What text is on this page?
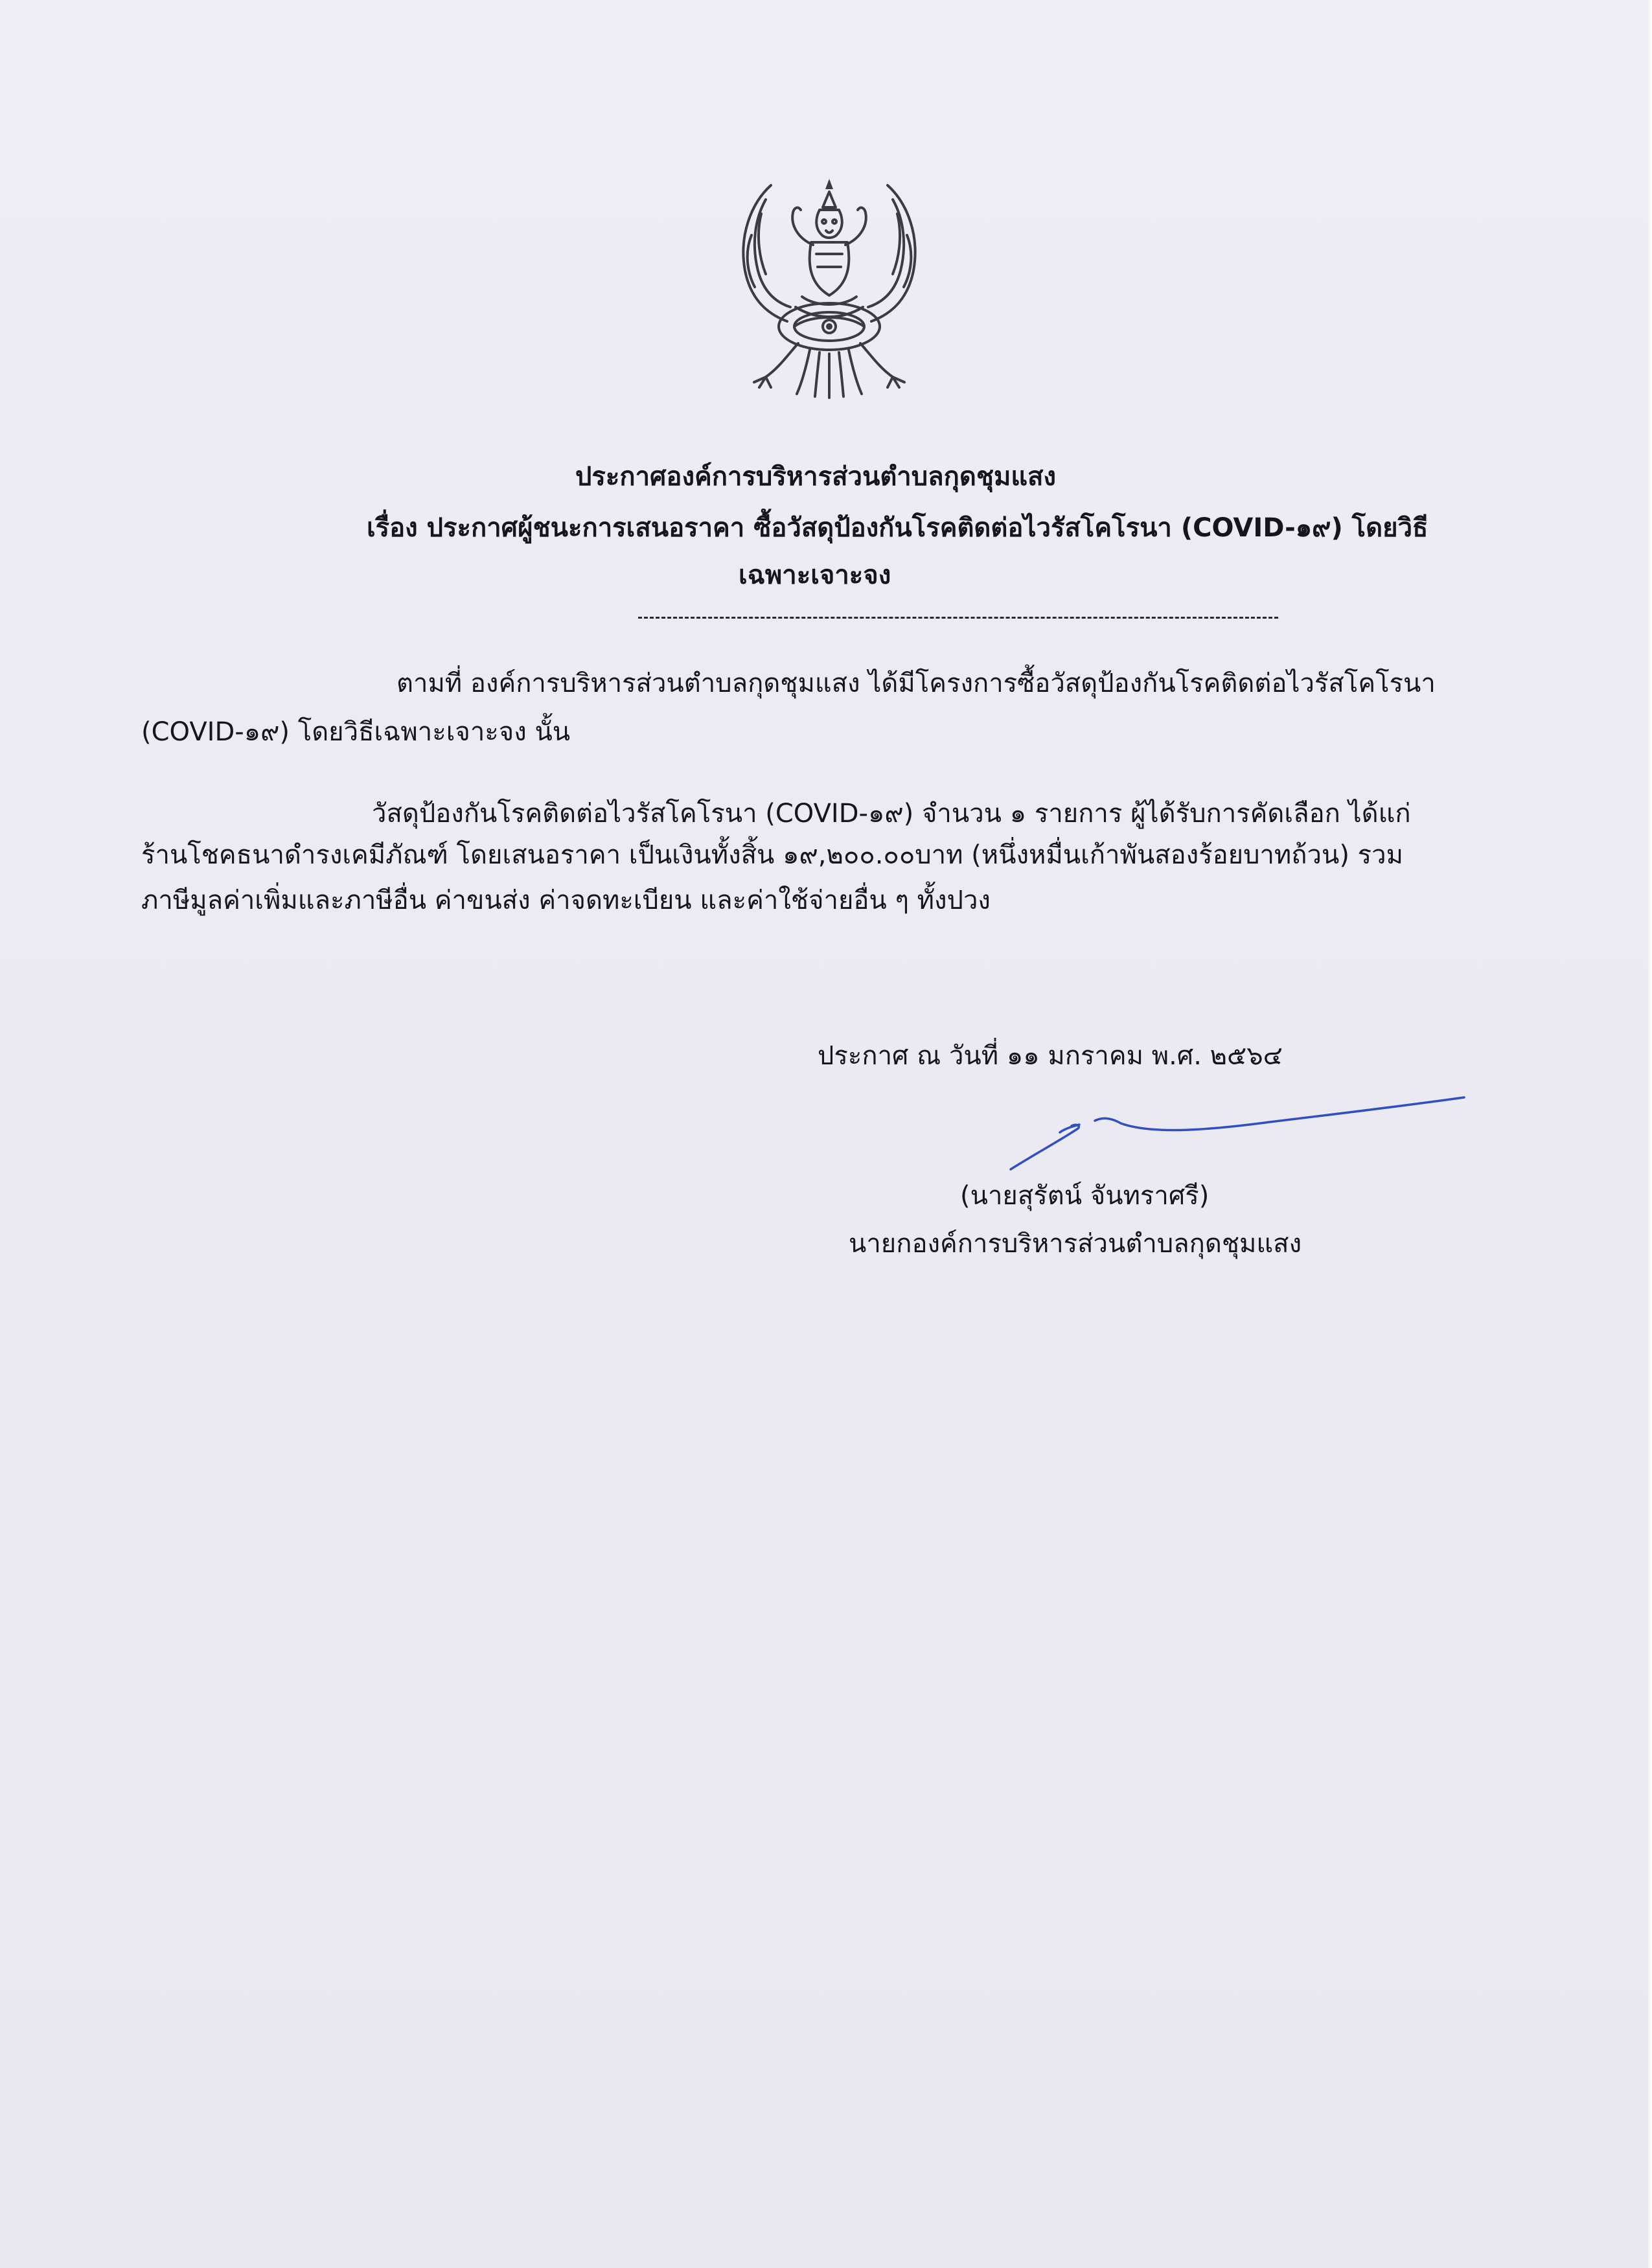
ประกาศองค์การบริหารส่วนตำบลกุดชุมแสง
เรื่อง ประกาศผู้ชนะการเสนอราคา ซื้อวัสดุป้องกันโรคติดต่อไวรัสโคโรนา (COVID-๑๙) โดยวิธี
เฉพาะเจาะจง
ตามที่ องค์การบริหารส่วนตำบลกุดชุมแสง ได้มีโครงการซื้อวัสดุป้องกันโรคติดต่อไวรัสโคโรนา
(COVID-๑๙) โดยวิธีเฉพาะเจาะจง นั้น
วัสดุป้องกันโรคติดต่อไวรัสโคโรนา (COVID-๑๙) จำนวน ๑ รายการ ผู้ได้รับการคัดเลือก ได้แก่
ร้านโชคธนาดำรงเคมีภัณฑ์ โดยเสนอราคา เป็นเงินทั้งสิ้น ๑๙,๒๐๐.๐๐บาท (หนึ่งหมื่นเก้าพันสองร้อยบาทถ้วน) รวม
ภาษีมูลค่าเพิ่มและภาษีอื่น ค่าขนส่ง ค่าจดทะเบียน และค่าใช้จ่ายอื่น ๆ ทั้งปวง
ประกาศ ณ วันที่ ๑๑ มกราคม พ.ศ. ๒๕๖๔
(นายสุรัตน์ จันทราศรี)
นายกองค์การบริหารส่วนตำบลกุดชุมแสง
